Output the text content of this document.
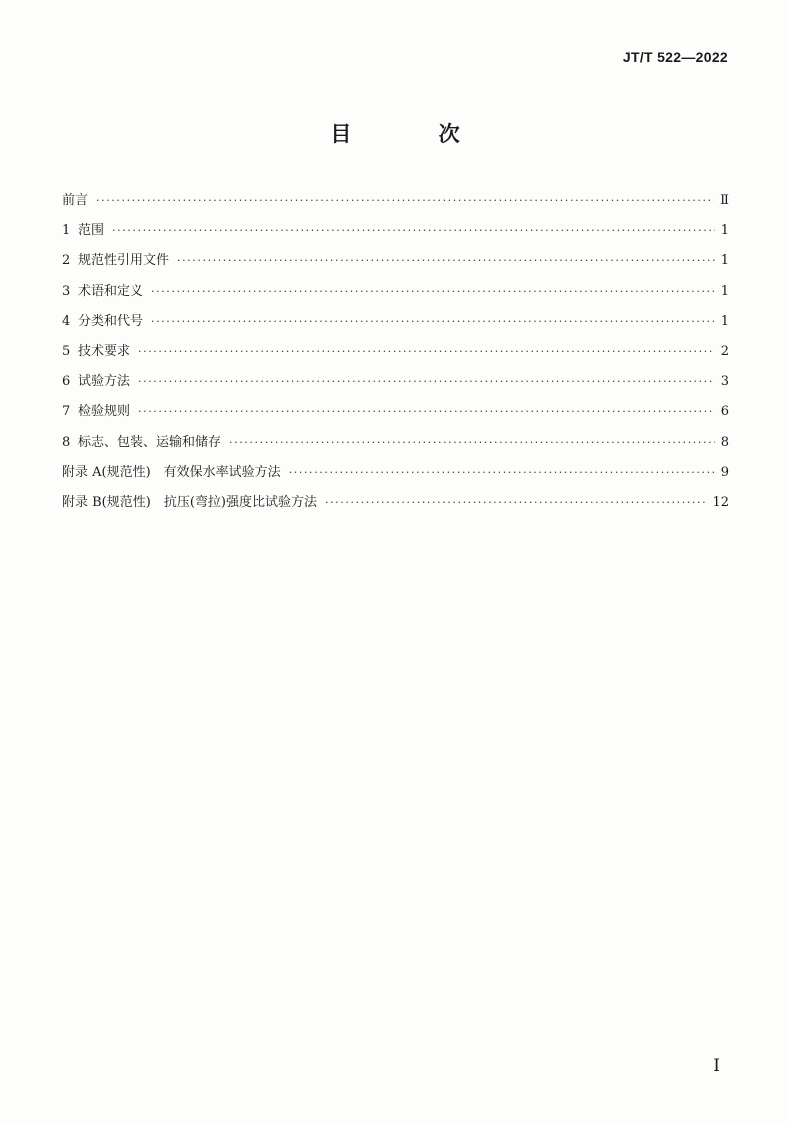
JT/T 522—2022
目 次
前言 ·····	Ⅱ
1 范围 ·····	1
2 规范性引用文件 ·····	1
3 术语和定义 ·····	1
4 分类和代号 ·····	1
5 技术要求 ·····	2
6 试验方法 ·····	3
7 检验规则 ·····	6
8 标志、包装、运输和储存 ·····	8
附录 A(规范性)　有效保水率试验方法 ·····	9
附录 B(规范性)　抗压(弯拉)强度比试验方法 ·····	12
I
